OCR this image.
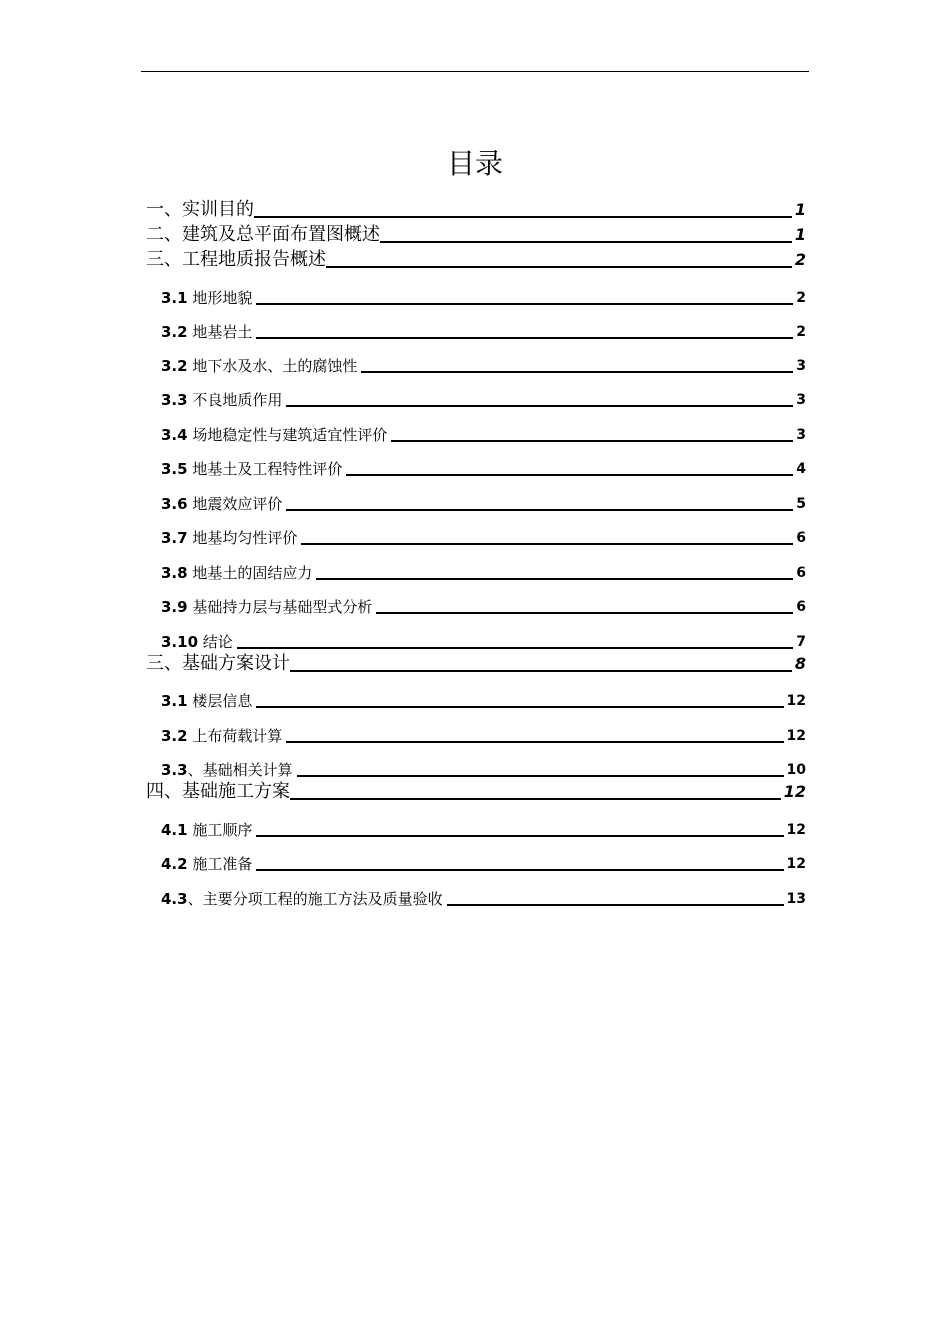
目录
一、实训目的	1
二、建筑及总平面布置图概述	1
三、工程地质报告概述	2
3.1 地形地貌	2
3.2 地基岩土	2
3.2 地下水及水、土的腐蚀性	3
3.3 不良地质作用	3
3.4 场地稳定性与建筑适宜性评价	3
3.5 地基土及工程特性评价	4
3.6 地震效应评价	5
3.7 地基均匀性评价	6
3.8 地基土的固结应力	6
3.9 基础持力层与基础型式分析	6
3.10 结论	7
三、基础方案设计	8
3.1 楼层信息	12
3.2 上布荷载计算	12
3.3、基础相关计算	10
四、基础施工方案	12
4.1 施工顺序	12
4.2 施工准备	12
4.3、主要分项工程的施工方法及质量验收	13
